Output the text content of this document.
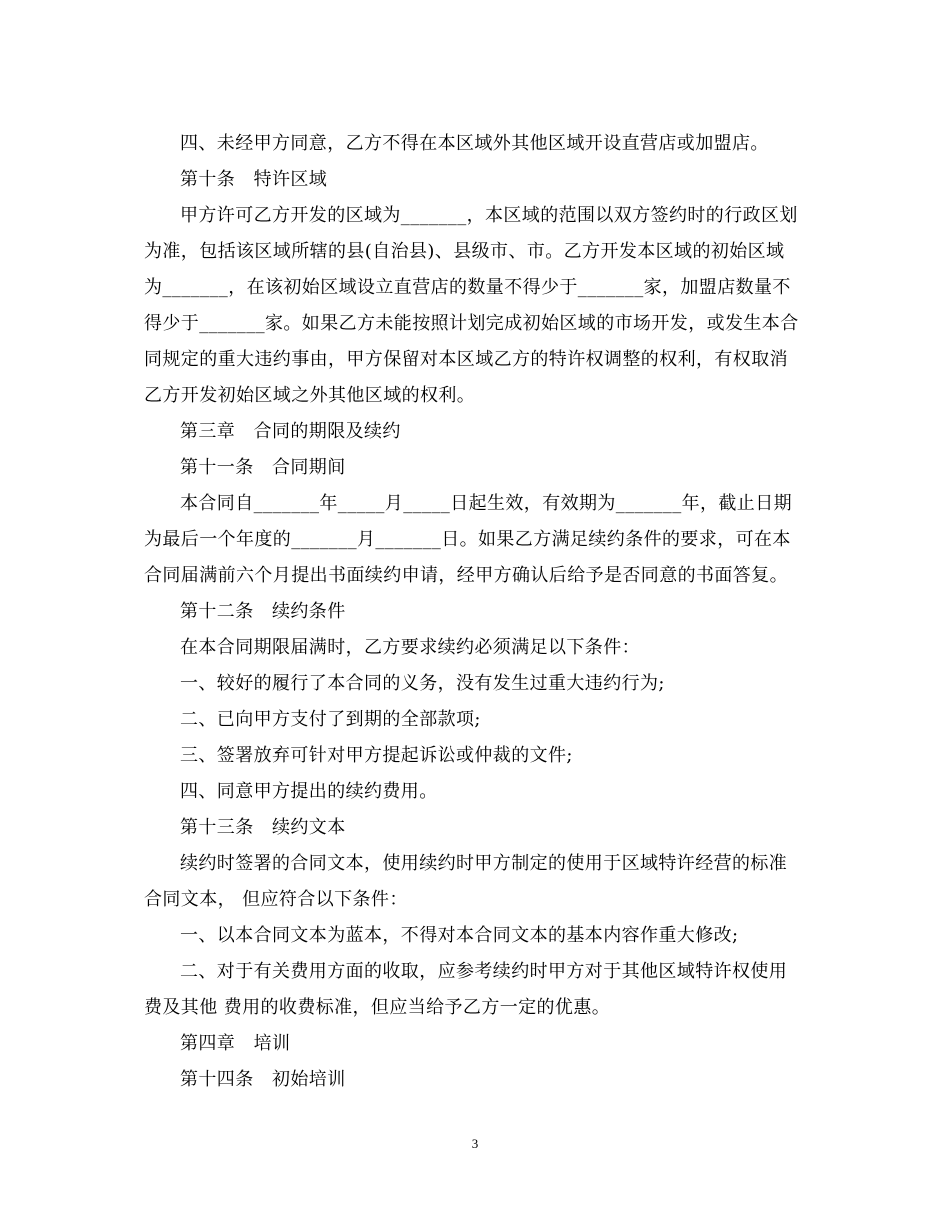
四、未经甲方同意，乙方不得在本区域外其他区域开设直营店或加盟店。

第十条　特许区域

甲方许可乙方开发的区域为_______，本区域的范围以双方签约时的行政区划

为准，包括该区域所辖的县(自治县)、县级市、市。乙方开发本区域的初始区域

为_______，在该初始区域设立直营店的数量不得少于_______家，加盟店数量不

得少于_______家。如果乙方未能按照计划完成初始区域的市场开发，或发生本合

同规定的重大违约事由，甲方保留对本区域乙方的特许权调整的权利，有权取消

乙方开发初始区域之外其他区域的权利。

第三章　合同的期限及续约

第十一条　合同期间

本合同自_______年_____月_____日起生效，有效期为_______年，截止日期

为最后一个年度的_______月_______日。如果乙方满足续约条件的要求，可在本

合同届满前六个月提出书面续约申请，经甲方确认后给予是否同意的书面答复。

第十二条　续约条件

在本合同期限届满时，乙方要求续约必须满足以下条件：

一、较好的履行了本合同的义务，没有发生过重大违约行为;

二、已向甲方支付了到期的全部款项;

三、签署放弃可针对甲方提起诉讼或仲裁的文件;

四、同意甲方提出的续约费用。

第十三条　续约文本

续约时签署的合同文本，使用续约时甲方制定的使用于区域特许经营的标准

合同文本， 但应符合以下条件：

一、以本合同文本为蓝本，不得对本合同文本的基本内容作重大修改;

二、对于有关费用方面的收取，应参考续约时甲方对于其他区域特许权使用

费及其他 费用的收费标准，但应当给予乙方一定的优惠。

第四章　培训

第十四条　初始培训

3
